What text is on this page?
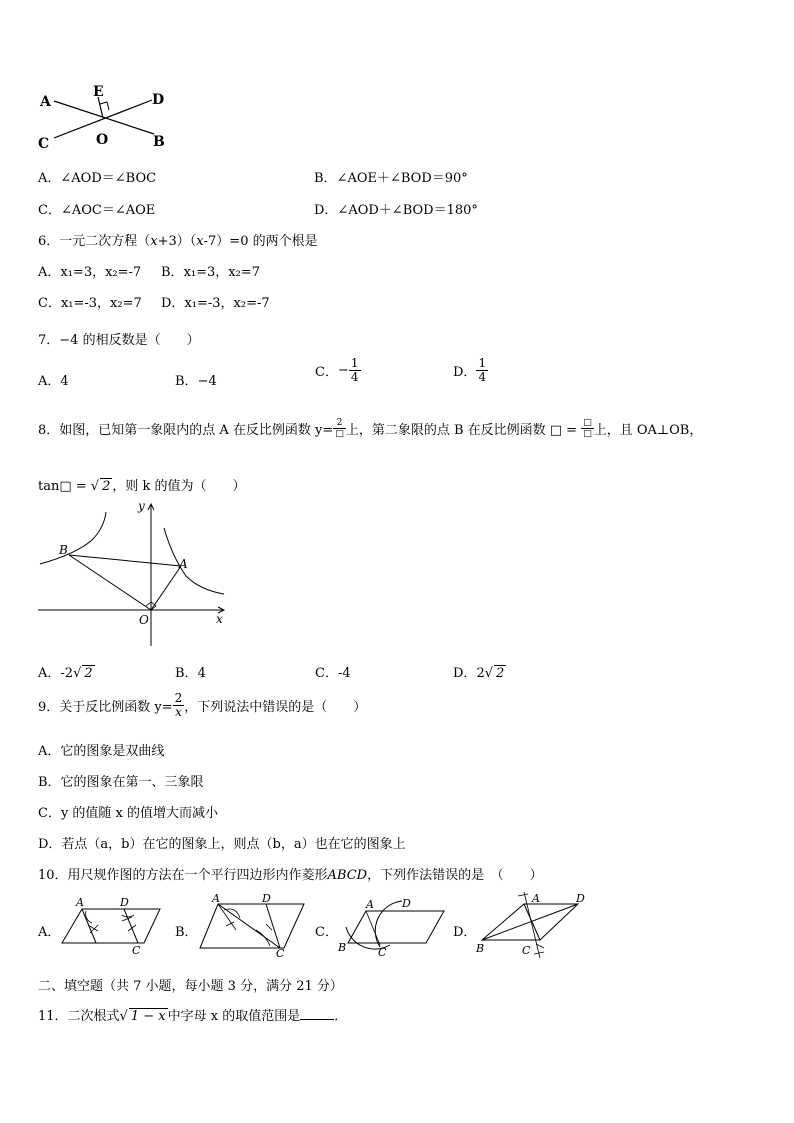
A
E	D
C	O	B
A．∠AOD＝∠BOC	B．∠AOE＋∠BOD＝90°
C．∠AOC＝∠AOE	D．∠AOD＋∠BOD＝180°
6．一元二次方程（x+3）（x-7）=0 的两个根是
A．x₁=3，x₂=-7 B．x₁=3，x₂=7
C．x₁=-3，x₂=7 D．x₁=-3，x₂=-7
7．−4 的相反数是（　　）
A．4	B．−4
C．− $\frac{1}{4}$	D． $\frac{1}{4}$
8．如图，已知第一象限内的点 A 在反比例函数 $y= \frac{2}{□}$ 上，第二象限的点 B 在反比例函数 □ = $\frac{□}{□}$ 上，且 OA⊥OB，
tan□ = √ 2 ，则 k 的值为（　　）
y
x
O
A
B
A．-2√ 2	B．4	C．-4	D．2√ 2
9．关于反比例函数 $y= \frac{2}{x}$ ，下列说法中错误的是（　　）
A．它的图象是双曲线
B．它的图象在第一、三象限
C．y 的值随 x 的值增大而减小
D．若点（a，b）在它的图象上，则点（b，a）也在它的图象上
10．用尺规作图的方法在一个平行四边形内作菱形ABCD，下列作法错误的是　（　　）
A．
A	D
C
B．
A	D
C
C．
A	D
B	C
D．
A	D
B	C
二、填空题（共 7 小题，每小题 3 分，满分 21 分）
11．二次根式√ 1 − x 中字母 x 的取值范围是	．
